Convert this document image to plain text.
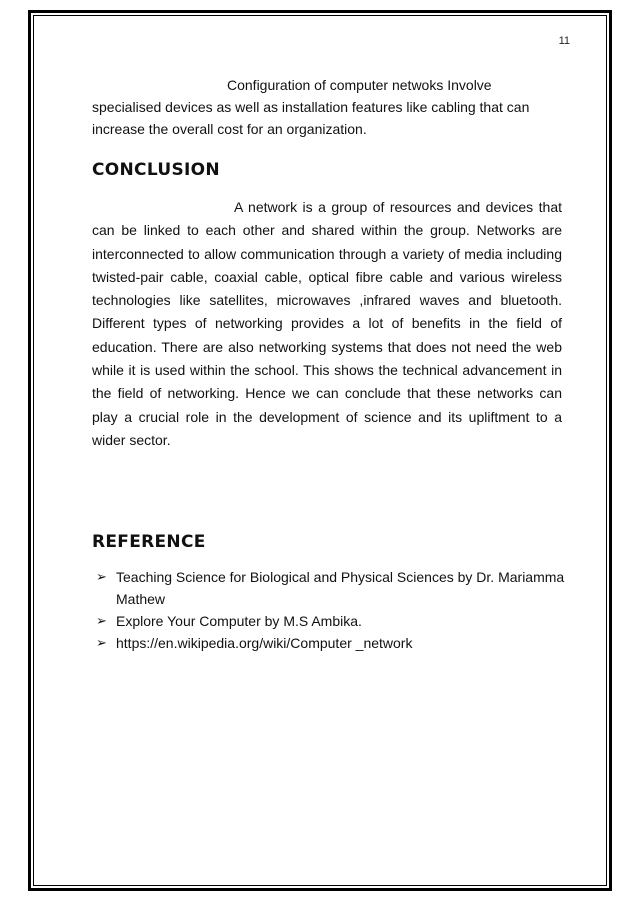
11

Configuration of computer netwoks Involve specialised devices as well as installation features like cabling that can increase the overall cost for an organization.

CONCLUSION

A network is a group of resources and devices that can be linked to each other and shared within the group. Networks are interconnected to allow communication through a variety of media including twisted-pair cable, coaxial cable, optical fibre cable and various wireless technologies like satellites, microwaves ,infrared waves and bluetooth. Different types of networking provides a lot of benefits in the field of education. There are also networking systems that does not need the web while it is used within the school. This shows the technical advancement in the field of networking. Hence we can conclude that these networks can play a crucial role in the development of science and its upliftment to a wider sector.

REFERENCE
➢ Teaching Science for Biological and Physical Sciences by Dr. Mariamma Mathew
➢ Explore Your Computer by M.S Ambika.
➢ https://en.wikipedia.org/wiki/Computer _network
